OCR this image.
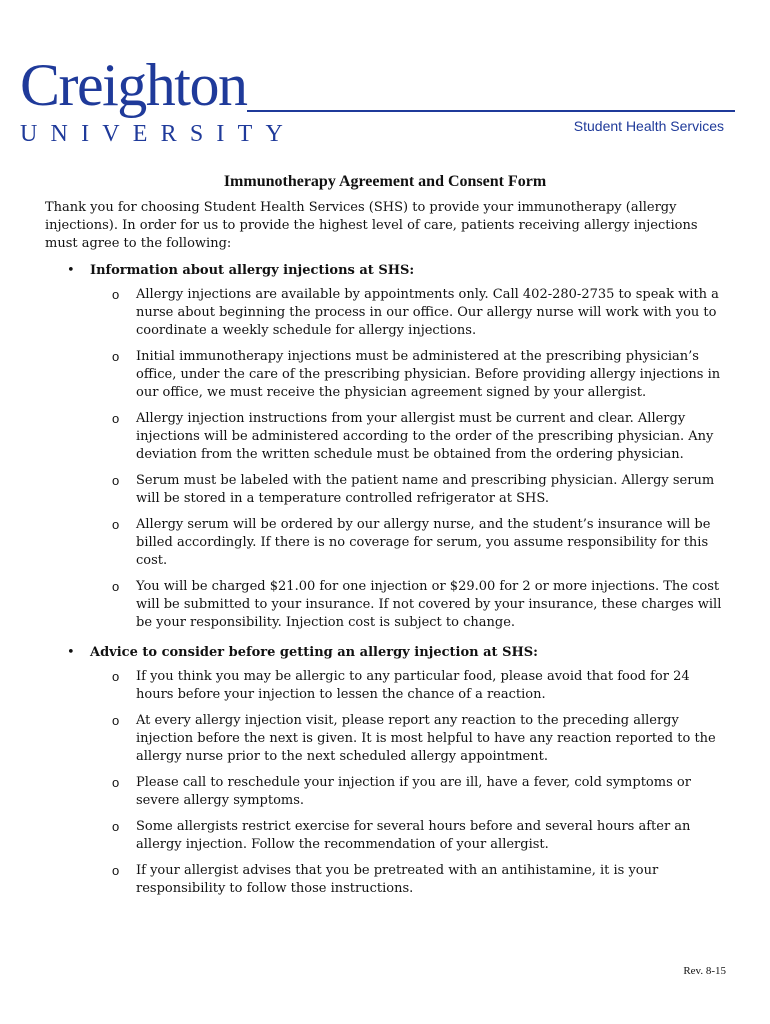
Creighton
UNIVERSITY	Student Health Services
Immunotherapy Agreement and Consent Form

Thank you for choosing Student Health Services (SHS) to provide your immunotherapy (allergy injections). In order for us to provide the highest level of care, patients receiving allergy injections must agree to the following:

• Information about allergy injections at SHS:
o Allergy injections are available by appointments only. Call 402-280-2735 to speak with a nurse about beginning the process in our office. Our allergy nurse will work with you to coordinate a weekly schedule for allergy injections.
o Initial immunotherapy injections must be administered at the prescribing physician’s office, under the care of the prescribing physician. Before providing allergy injections in our office, we must receive the physician agreement signed by your allergist.
o Allergy injection instructions from your allergist must be current and clear. Allergy injections will be administered according to the order of the prescribing physician. Any deviation from the written schedule must be obtained from the ordering physician.
o Serum must be labeled with the patient name and prescribing physician. Allergy serum will be stored in a temperature controlled refrigerator at SHS.
o Allergy serum will be ordered by our allergy nurse, and the student’s insurance will be billed accordingly. If there is no coverage for serum, you assume responsibility for this cost.
o You will be charged $21.00 for one injection or $29.00 for 2 or more injections. The cost will be submitted to your insurance. If not covered by your insurance, these charges will be your responsibility. Injection cost is subject to change.
• Advice to consider before getting an allergy injection at SHS:
o If you think you may be allergic to any particular food, please avoid that food for 24 hours before your injection to lessen the chance of a reaction.
o At every allergy injection visit, please report any reaction to the preceding allergy injection before the next is given. It is most helpful to have any reaction reported to the allergy nurse prior to the next scheduled allergy appointment.
o Please call to reschedule your injection if you are ill, have a fever, cold symptoms or severe allergy symptoms.
o Some allergists restrict exercise for several hours before and several hours after an allergy injection. Follow the recommendation of your allergist.
o If your allergist advises that you be pretreated with an antihistamine, it is your responsibility to follow those instructions.
Rev. 8-15
